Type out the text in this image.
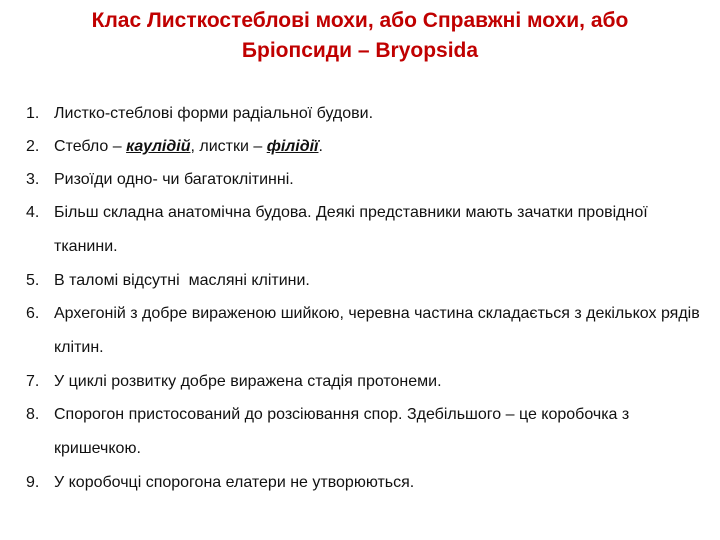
Клас Листкостеблові мохи, або Справжні мохи, або
Бріопсиди – Bryopsida
1. Листко-стеблові форми радіальної будови.
2. Стебло – каулідій, листки – філідії.
3. Ризоїди одно- чи багатоклітинні.
4. Більш складна анатомічна будова. Деякі представники мають зачатки провідної тканини.
5. В таломі відсутні  масляні клітини.
6. Архегоній з добре вираженою шийкою, черевна частина складається з декількох рядів клітин.
7. У циклі розвитку добре виражена стадія протонеми.
8. Спорогон пристосований до розсіювання спор. Здебільшого – це коробочка з кришечкою.
9. У коробочці спорогона елатери не утворюються.
